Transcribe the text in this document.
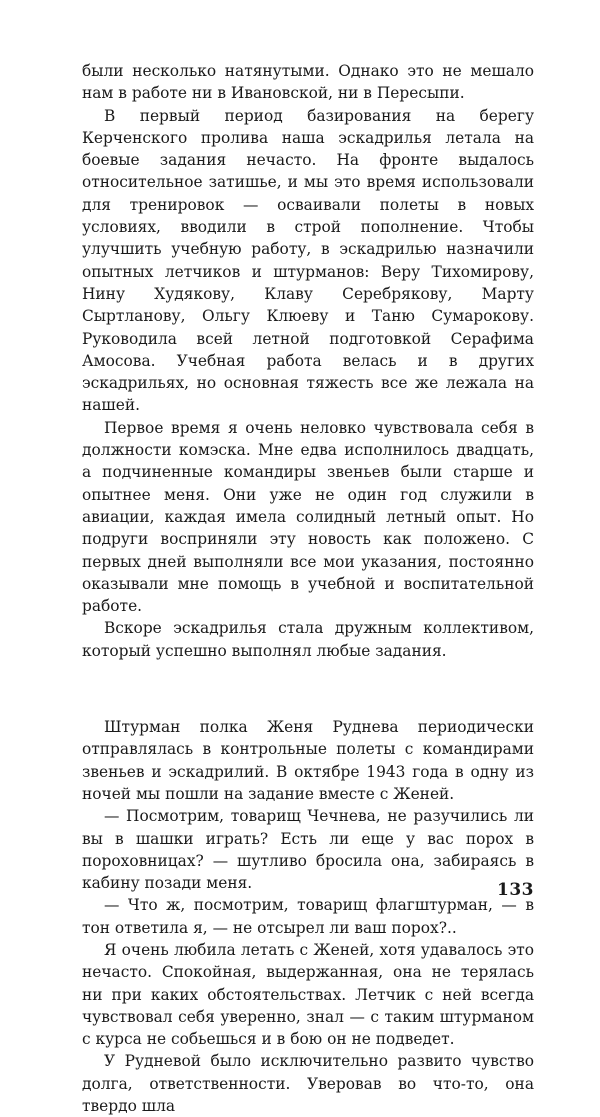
были несколько натянутыми. Однако это не мешало нам в работе ни в Ивановской, ни в Пересыпи.

В первый период базирования на берегу Керченского пролива наша эскадрилья летала на боевые задания нечасто. На фронте выдалось относительное затишье, и мы это время использовали для тренировок — осваивали полеты в новых условиях, вводили в строй пополнение. Чтобы улучшить учебную работу, в эскадрилью назначили опытных летчиков и штурманов: Веру Тихомирову, Нину Худякову, Клаву Серебрякову, Марту Сыртланову, Ольгу Клюеву и Таню Сумарокову. Руководила всей летной подготовкой Серафима Амосова. Учебная работа велась и в других эскадрильях, но основная тяжесть все же лежала на нашей.

Первое время я очень неловко чувствовала себя в должности комэска. Мне едва исполнилось двадцать, а подчиненные командиры звеньев были старше и опытнее меня. Они уже не один год служили в авиации, каждая имела солидный летный опыт. Но подруги восприняли эту новость как положено. С первых дней выполняли все мои указания, постоянно оказывали мне помощь в учебной и воспитательной работе.

Вскоре эскадрилья стала дружным коллективом, который успешно выполнял любые задания.

Штурман полка Женя Руднева периодически отправлялась в контрольные полеты с командирами звеньев и эскадрилий. В октябре 1943 года в одну из ночей мы пошли на задание вместе с Женей.

— Посмотрим, товарищ Чечнева, не разучились ли вы в шашки играть? Есть ли еще у вас порох в пороховницах? — шутливо бросила она, забираясь в кабину позади меня.

— Что ж, посмотрим, товарищ флагштурман, — в тон ответила я, — не отсырел ли ваш порох?..

Я очень любила летать с Женей, хотя удавалось это нечасто. Спокойная, выдержанная, она не терялась ни при каких обстоятельствах. Летчик с ней всегда чувствовал себя уверенно, знал — с таким штурманом с курса не собьешься и в бою он не подведет.

У Рудневой было исключительно развито чувство долга, ответственности. Уверовав во что-то, она твердо шла

133
